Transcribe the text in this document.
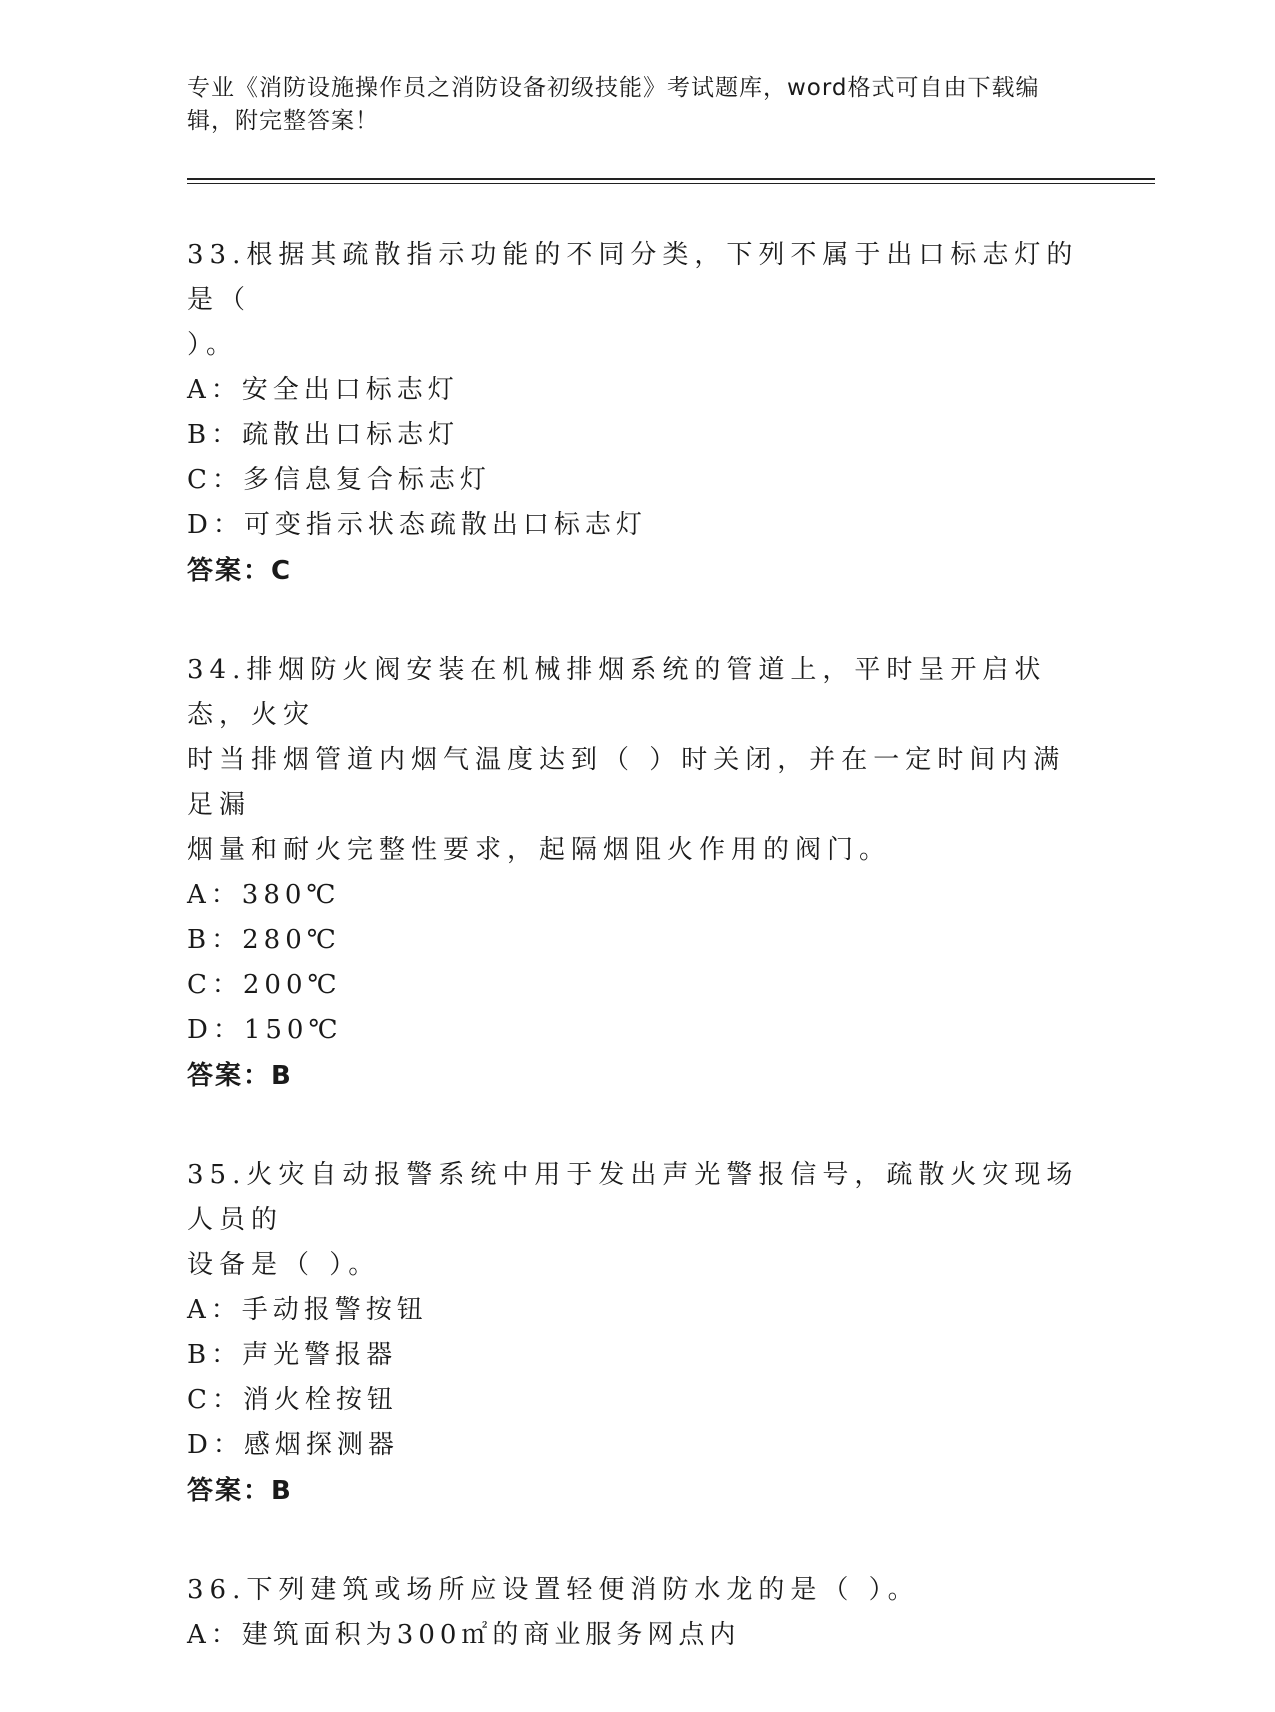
专业《消防设施操作员之消防设备初级技能》考试题库，word格式可自由下载编
辑，附完整答案！
33.根据其疏散指示功能的不同分类，下列不属于出口标志灯的是（
）。
A：安全出口标志灯
B：疏散出口标志灯
C：多信息复合标志灯
D：可变指示状态疏散出口标志灯
答案：C
34.排烟防火阀安装在机械排烟系统的管道上，平时呈开启状态，火灾
时当排烟管道内烟气温度达到（ ）时关闭，并在一定时间内满足漏
烟量和耐火完整性要求，起隔烟阻火作用的阀门。
A：380℃
B：280℃
C：200℃
D：150℃
答案：B
35.火灾自动报警系统中用于发出声光警报信号，疏散火灾现场人员的
设备是（ ）。
A：手动报警按钮
B：声光警报器
C：消火栓按钮
D：感烟探测器
答案：B
36.下列建筑或场所应设置轻便消防水龙的是（ ）。
A：建筑面积为300㎡的商业服务网点内
